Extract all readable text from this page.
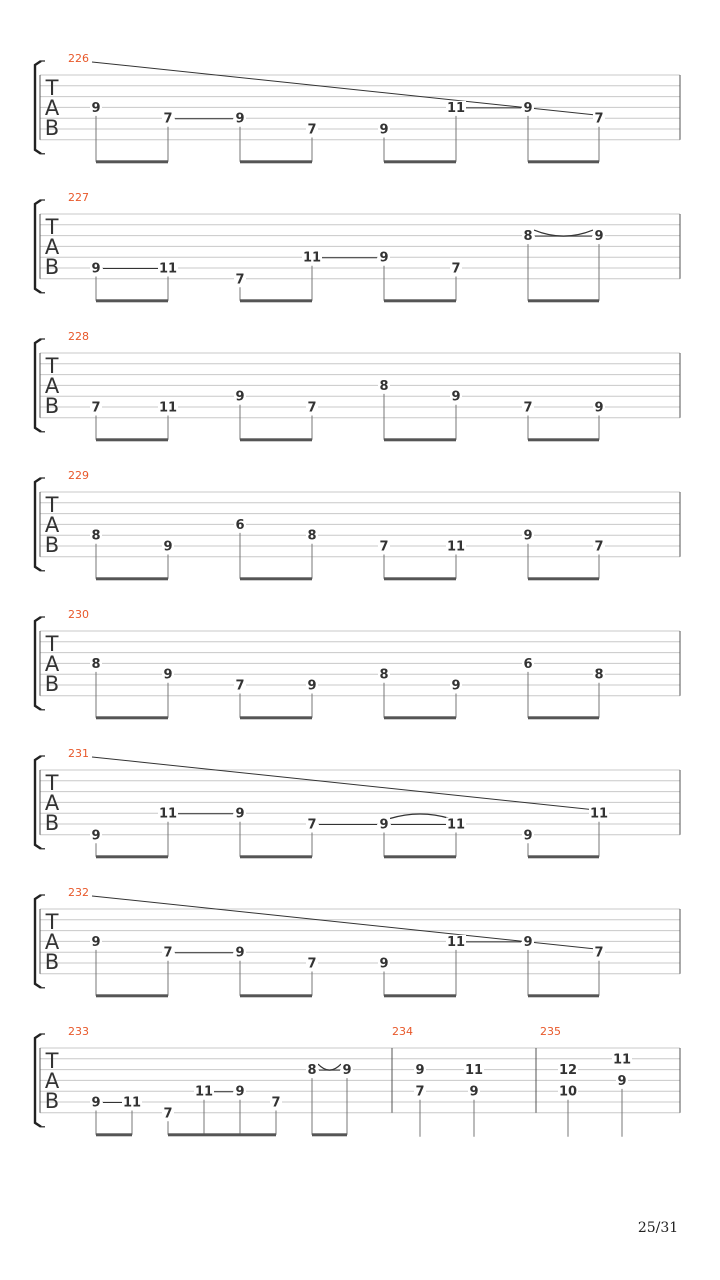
T
A
B
226
9
7	9
7	9
11	9
7
T
A
B
227
9	11
7
11	9
7
8	9
T
A
B
228
7	11
9
7
8
9
7	9
T
A
B
229
8
9
6
8
7	11
9
7
T
A
B
230
8
9
7	9
8
9
6
8
T
A
B
231
9
11	9
7	9	11
9
11
T
A
B
232
9
7	9
7	9
11	9
7
T
A
B
233
9 11
7
11 9
7
8 9
234
9
7
11
9
235
12
10
11
9
25/31
